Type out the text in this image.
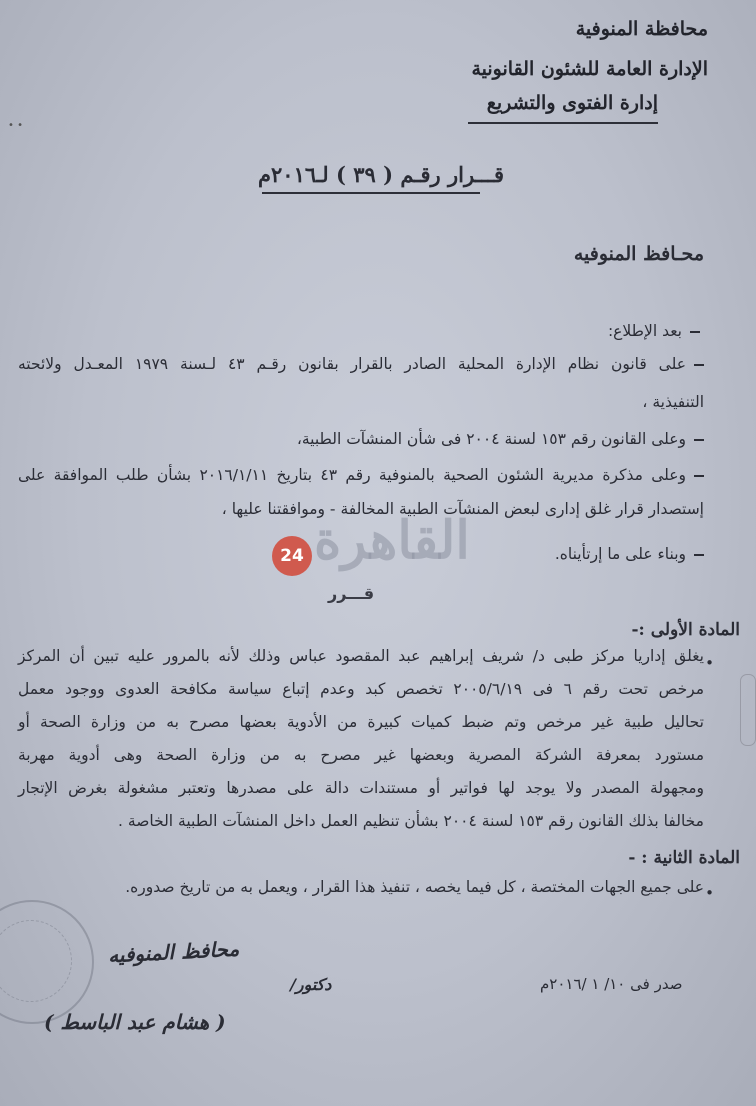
• •
محافظة المنوفية
الإدارة العامة للشئون القانونية
إدارة الفتوى والتشريع
قـــرار رقـم ( ٣٩ ) لـ٢٠١٦م
محـافظ المنوفيه
بعد الإطلاع:
على قانون نظام الإدارة المحلية الصادر بالقرار بقانون رقـم ٤٣ لـسنة ١٩٧٩ المعـدل ولائحته
التنفيذية ،
وعلى القانون رقم ١٥٣ لسنة ٢٠٠٤ فى شأن المنشآت الطبية،
وعلى مذكرة مديرية الشئون الصحية بالمنوفية رقم ٤٣ بتاريخ ٢٠١٦/١/١١ بشأن طلب الموافقة على
إستصدار قرار غلق إدارى لبعض المنشآت الطبية المخالفة - وموافقتنا عليها ،
وبناء على ما إرتأيناه.
القاهرة
24
قـــرر
المادة الأولى :-
•
يغلق إداريا مركز طبى د/ شريف إبراهيم عبد المقصود عباس وذلك لأنه بالمرور عليه تبين أن المركز
مرخص تحت رقم ٦ فى ٢٠٠٥/٦/١٩ تخصص كبد وعدم إتباع سياسة مكافحة العدوى ووجود معمل
تحاليل طبية غير مرخص وتم ضبط كميات كبيرة من الأدوية بعضها مصرح به من وزارة الصحة أو
مستورد بمعرفة الشركة المصرية وبعضها غير مصرح به من وزارة الصحة وهى أدوية مهربة
ومجهولة المصدر ولا يوجد لها فواتير أو مستندات دالة على مصدرها وتعتبر مشغولة بغرض الإتجار
مخالفا بذلك القانون رقم ١٥٣ لسنة ٢٠٠٤ بشأن تنظيم العمل داخل المنشآت الطبية الخاصة .
المادة الثانية : -
•
على جميع الجهات المختصة ، كل فيما يخصه ، تنفيذ هذا القرار ، ويعمل به من تاريخ صدوره.
محافظ المنوفيه
دكتور/
( هشام عبد الباسط )
صدر فى ١٠/ ١ /٢٠١٦م
